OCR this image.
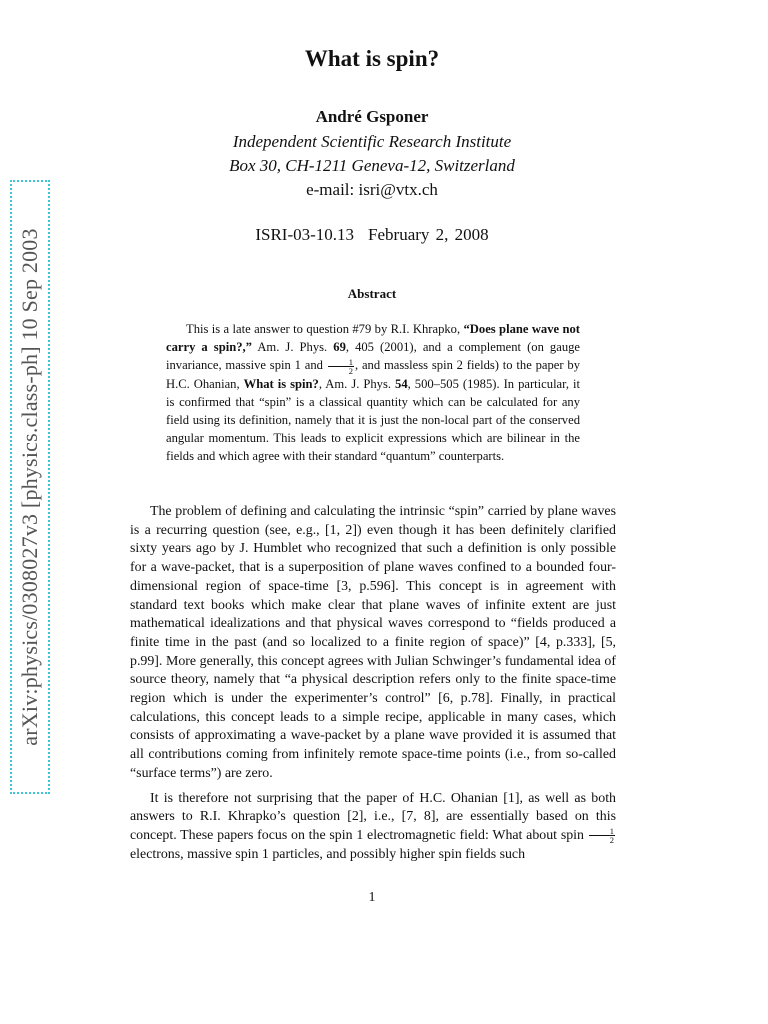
arXiv:physics/0308027v3 [physics.class-ph] 10 Sep 2003
What is spin?
André Gsponer
Independent Scientific Research Institute
Box 30, CH-1211 Geneva-12, Switzerland
e-mail: isri@vtx.ch
ISRI-03-10.13 February 2, 2008
Abstract

This is a late answer to question #79 by R.I. Khrapko, “Does plane wave not carry a spin?,” Am. J. Phys. 69, 405 (2001), and a complement (on gauge invariance, massive spin 1 and $\frac{1}{2}$ , and massless spin 2 fields) to the paper by H.C. Ohanian, What is spin?, Am. J. Phys. 54, 500–505 (1985). In particular, it is confirmed that “spin” is a classical quantity which can be calculated for any field using its definition, namely that it is just the non-local part of the conserved angular momentum. This leads to explicit expressions which are bilinear in the fields and which agree with their standard “quantum” counterparts.

The problem of defining and calculating the intrinsic “spin” carried by plane waves is a recurring question (see, e.g., [1, 2]) even though it has been definitely clarified sixty years ago by J. Humblet who recognized that such a definition is only possible for a wave-packet, that is a superposition of plane waves confined to a bounded four-dimensional region of space-time [3, p.596]. This concept is in agreement with standard text books which make clear that plane waves of infinite extent are just mathematical idealizations and that physical waves correspond to “fields produced a finite time in the past (and so localized to a finite region of space)” [4, p.333], [5, p.99]. More generally, this concept agrees with Julian Schwinger’s fundamental idea of source theory, namely that “a physical description refers only to the finite space-time region which is under the experimenter’s control” [6, p.78]. Finally, in practical calculations, this concept leads to a simple recipe, applicable in many cases, which consists of approximating a wave-packet by a plane wave provided it is assumed that all contributions coming from infinitely remote space-time points (i.e., from so-called “surface terms”) are zero.

It is therefore not surprising that the paper of H.C. Ohanian [1], as well as both answers to R.I. Khrapko’s question [2], i.e., [7, 8], are essentially based on this concept. These papers focus on the spin 1 electromagnetic field: What about spin $\frac{1}{2}$
electrons, massive spin 1 particles, and possibly higher spin fields such

1
